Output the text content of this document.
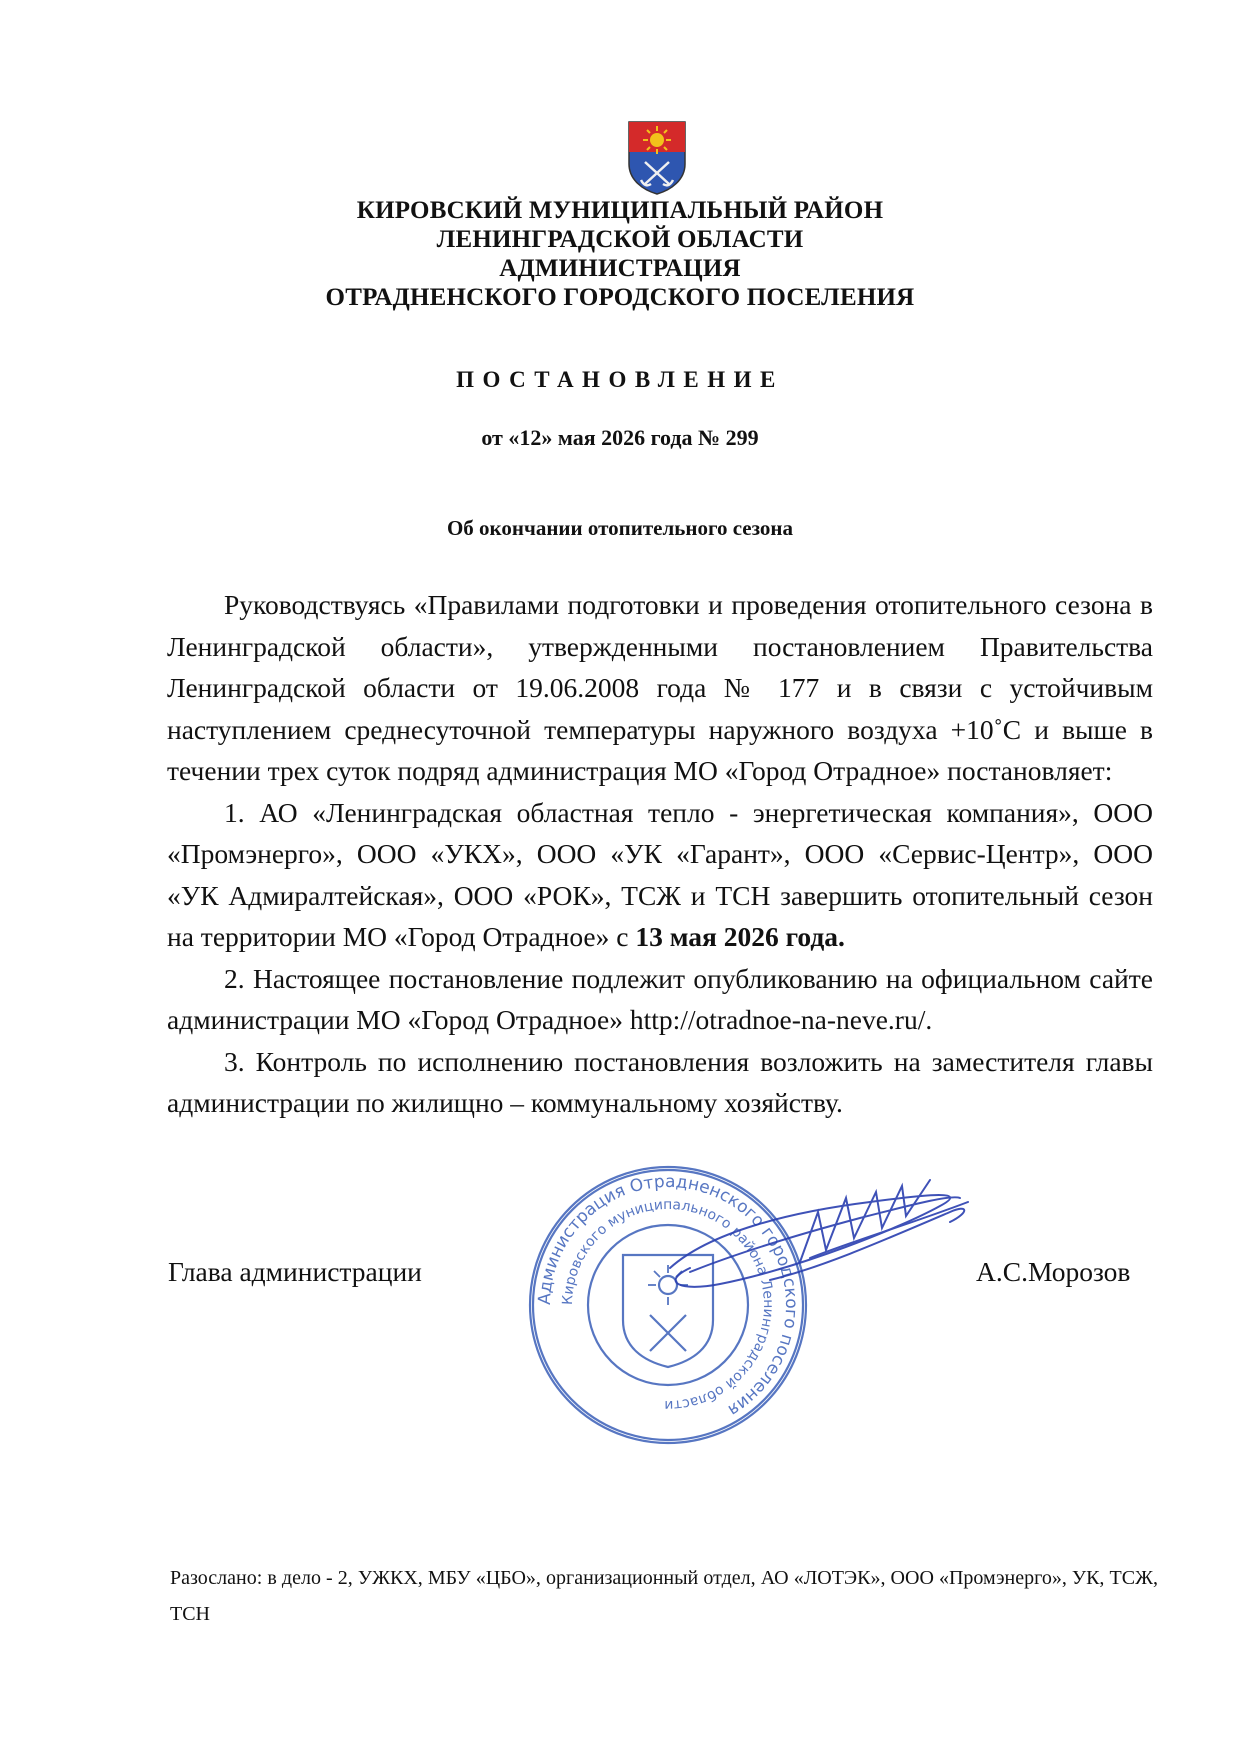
КИРОВСКИЙ МУНИЦИПАЛЬНЫЙ РАЙОН
ЛЕНИНГРАДСКОЙ ОБЛАСТИ
АДМИНИСТРАЦИЯ
ОТРАДНЕНСКОГО ГОРОДСКОГО ПОСЕЛЕНИЯ
ПОСТАНОВЛЕНИЕ
от «12» мая 2026 года № 299
Об окончании отопительного сезона

Руководствуясь «Правилами подготовки и проведения отопительного сезона в Ленинградской области», утвержденными постановлением Правительства Ленинградской области от 19.06.2008 года № 177 и в связи с устойчивым наступлением среднесуточной температуры наружного воздуха +10˚С и выше в течении трех суток подряд администрация МО «Город Отрадное» постановляет:

1. АО «Ленинградская областная тепло - энергетическая компания», ООО «Промэнерго», ООО «УКХ», ООО «УК «Гарант», ООО «Сервис-Центр», ООО «УК Адмиралтейская», ООО «РОК», ТСЖ и ТСН завершить отопительный сезон на территории МО «Город Отрадное» с 13 мая 2026 года.

2. Настоящее постановление подлежит опубликованию на официальном сайте администрации МО «Город Отрадное» http://otradnoe-na-neve.ru/.

3. Контроль по исполнению постановления возложить на заместителя главы администрации по жилищно – коммунальному хозяйству.

Глава администрации	А.С.Морозов
Администрация Отрадненского городского поселения
Кировского муниципального района Ленинградской области
Разослано: в дело - 2, УЖКХ, МБУ «ЦБО», организационный отдел, АО «ЛОТЭК», ООО «Промэнерго», УК, ТСЖ, ТСН
